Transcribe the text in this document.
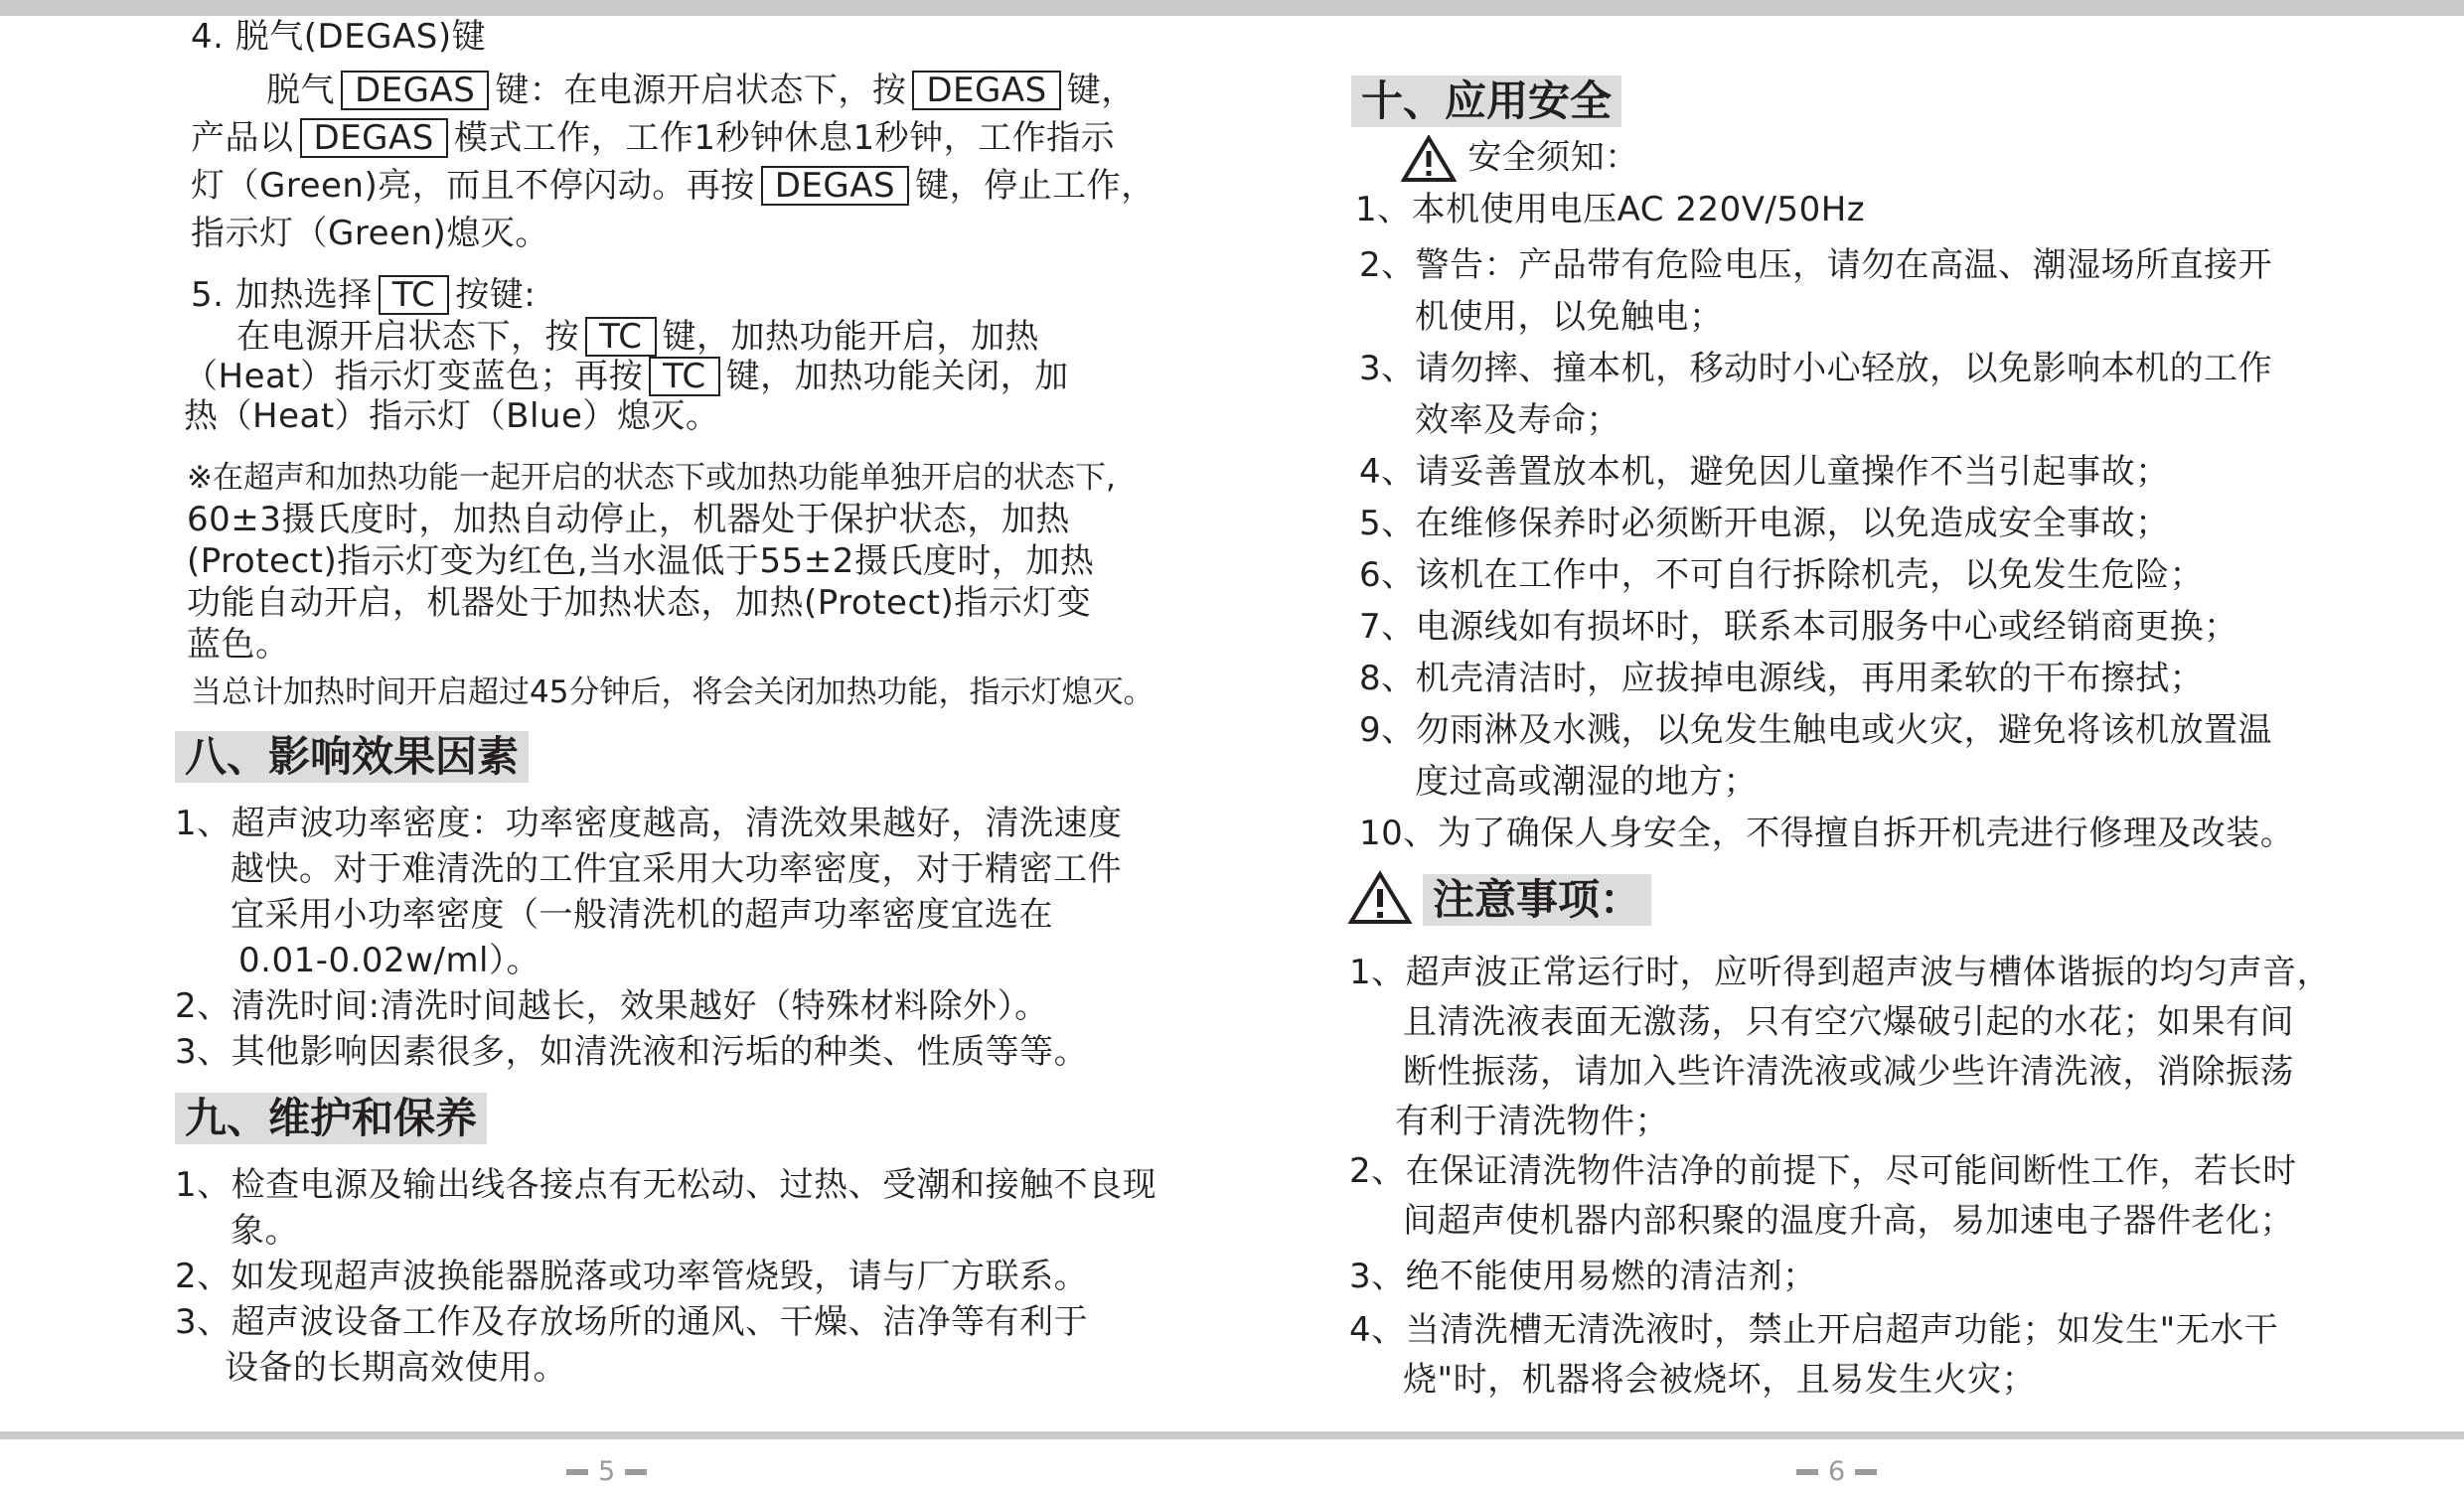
4. 脱气(DEGAS)键
脱气 DEGAS 键：在电源开启状态下，按 DEGAS 键，
产品以 DEGAS 模式工作，工作1秒钟休息1秒钟，工作指示
灯（Green)亮，而且不停闪动。再按 DEGAS 键，停止工作，
指示灯（Green)熄灭。
5. 加热选择 TC 按键:
在电源开启状态下，按 TC 键，加热功能开启，加热
（Heat）指示灯变蓝色；再按 TC 键，加热功能关闭，加
热（Heat）指示灯（Blue）熄灭。
※在超声和加热功能一起开启的状态下或加热功能单独开启的状态下,
60±3摄氏度时，加热自动停止，机器处于保护状态，加热
(Protect)指示灯变为红色,当水温低于55±2摄氏度时，加热
功能自动开启，机器处于加热状态，加热(Protect)指示灯变
蓝色。
当总计加热时间开启超过45分钟后，将会关闭加热功能，指示灯熄灭。
八、影响效果因素
1、超声波功率密度：功率密度越高，清洗效果越好，清洗速度
越快。对于难清洗的工件宜采用大功率密度，对于精密工件
宜采用小功率密度（一般清洗机的超声功率密度宜选在
0.01-0.02w/ml）。
2、清洗时间:清洗时间越长，效果越好（特殊材料除外）。
3、其他影响因素很多，如清洗液和污垢的种类、性质等等。
九、维护和保养
1、检查电源及输出线各接点有无松动、过热、受潮和接触不良现
象。
2、如发现超声波换能器脱落或功率管烧毁，请与厂方联系。
3、超声波设备工作及存放场所的通风、干燥、洁净等有利于
设备的长期高效使用。
十、应用安全
安全须知：
1、本机使用电压AC 220V/50Hz
2、警告：产品带有危险电压，请勿在高温、潮湿场所直接开
机使用，以免触电；
3、请勿摔、撞本机，移动时小心轻放，以免影响本机的工作
效率及寿命；
4、请妥善置放本机，避免因儿童操作不当引起事故；
5、在维修保养时必须断开电源，以免造成安全事故；
6、该机在工作中，不可自行拆除机壳，以免发生危险；
7、电源线如有损坏时，联系本司服务中心或经销商更换；
8、机壳清洁时，应拔掉电源线，再用柔软的干布擦拭；
9、勿雨淋及水溅，以免发生触电或火灾，避免将该机放置温
度过高或潮湿的地方；
10、为了确保人身安全，不得擅自拆开机壳进行修理及改装。
注意事项：
1、超声波正常运行时，应听得到超声波与槽体谐振的均匀声音，
且清洗液表面无激荡，只有空穴爆破引起的水花；如果有间
断性振荡，请加入些许清洗液或减少些许清洗液，消除振荡
有利于清洗物件；
2、在保证清洗物件洁净的前提下，尽可能间断性工作，若长时
间超声使机器内部积聚的温度升高，易加速电子器件老化；
3、绝不能使用易燃的清洁剂；
4、当清洗槽无清洗液时，禁止开启超声功能；如发生"无水干
烧"时，机器将会被烧坏，且易发生火灾；
5	6
